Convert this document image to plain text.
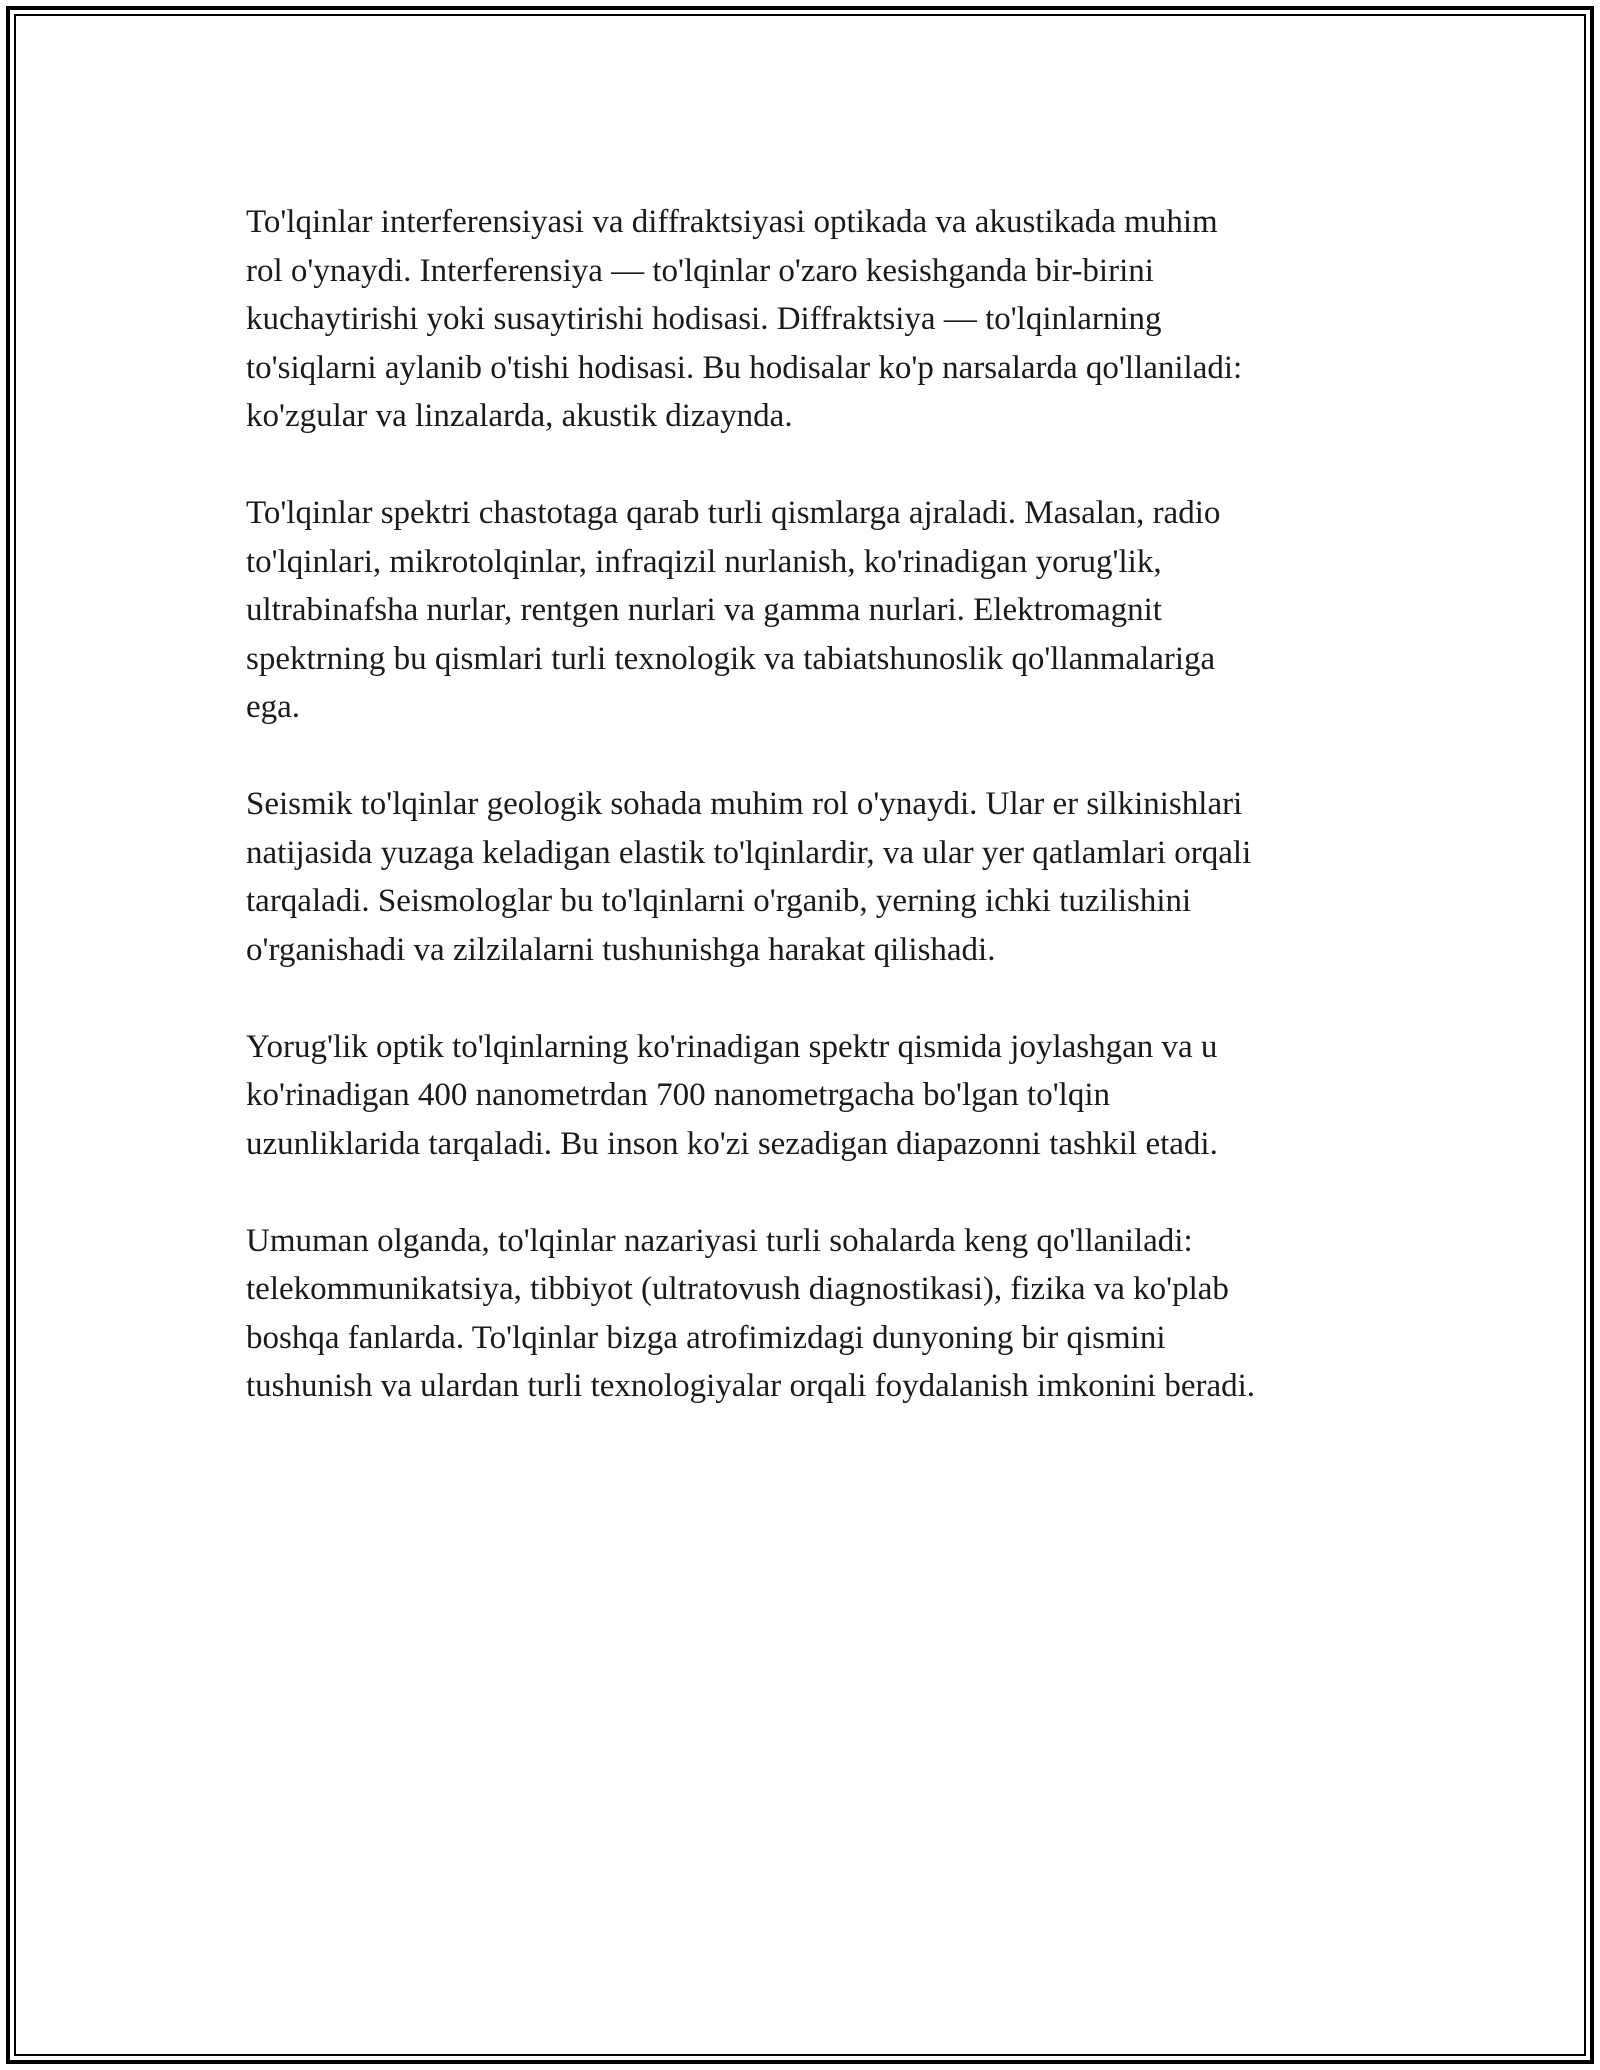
To'lqinlar interferensiyasi va diffraktsiyasi optikada va akustikada muhim
rol o'ynaydi. Interferensiya — to'lqinlar o'zaro kesishganda bir-birini
kuchaytirishi yoki susaytirishi hodisasi. Diffraktsiya — to'lqinlarning
to'siqlarni aylanib o'tishi hodisasi. Bu hodisalar ko'p narsalarda qo'llaniladi:
ko'zgular va linzalarda, akustik dizaynda.

To'lqinlar spektri chastotaga qarab turli qismlarga ajraladi. Masalan, radio
to'lqinlari, mikrotolqinlar, infraqizil nurlanish, ko'rinadigan yorug'lik,
ultrabinafsha nurlar, rentgen nurlari va gamma nurlari. Elektromagnit
spektrning bu qismlari turli texnologik va tabiatshunoslik qo'llanmalariga
ega.

Seismik to'lqinlar geologik sohada muhim rol o'ynaydi. Ular er silkinishlari
natijasida yuzaga keladigan elastik to'lqinlardir, va ular yer qatlamlari orqali
tarqaladi. Seismologlar bu to'lqinlarni o'rganib, yerning ichki tuzilishini
o'rganishadi va zilzilalarni tushunishga harakat qilishadi.

Yorug'lik optik to'lqinlarning ko'rinadigan spektr qismida joylashgan va u
ko'rinadigan 400 nanometrdan 700 nanometrgacha bo'lgan to'lqin
uzunliklarida tarqaladi. Bu inson ko'zi sezadigan diapazonni tashkil etadi.

Umuman olganda, to'lqinlar nazariyasi turli sohalarda keng qo'llaniladi:
telekommunikatsiya, tibbiyot (ultratovush diagnostikasi), fizika va ko'plab
boshqa fanlarda. To'lqinlar bizga atrofimizdagi dunyoning bir qismini
tushunish va ulardan turli texnologiyalar orqali foydalanish imkonini beradi.
